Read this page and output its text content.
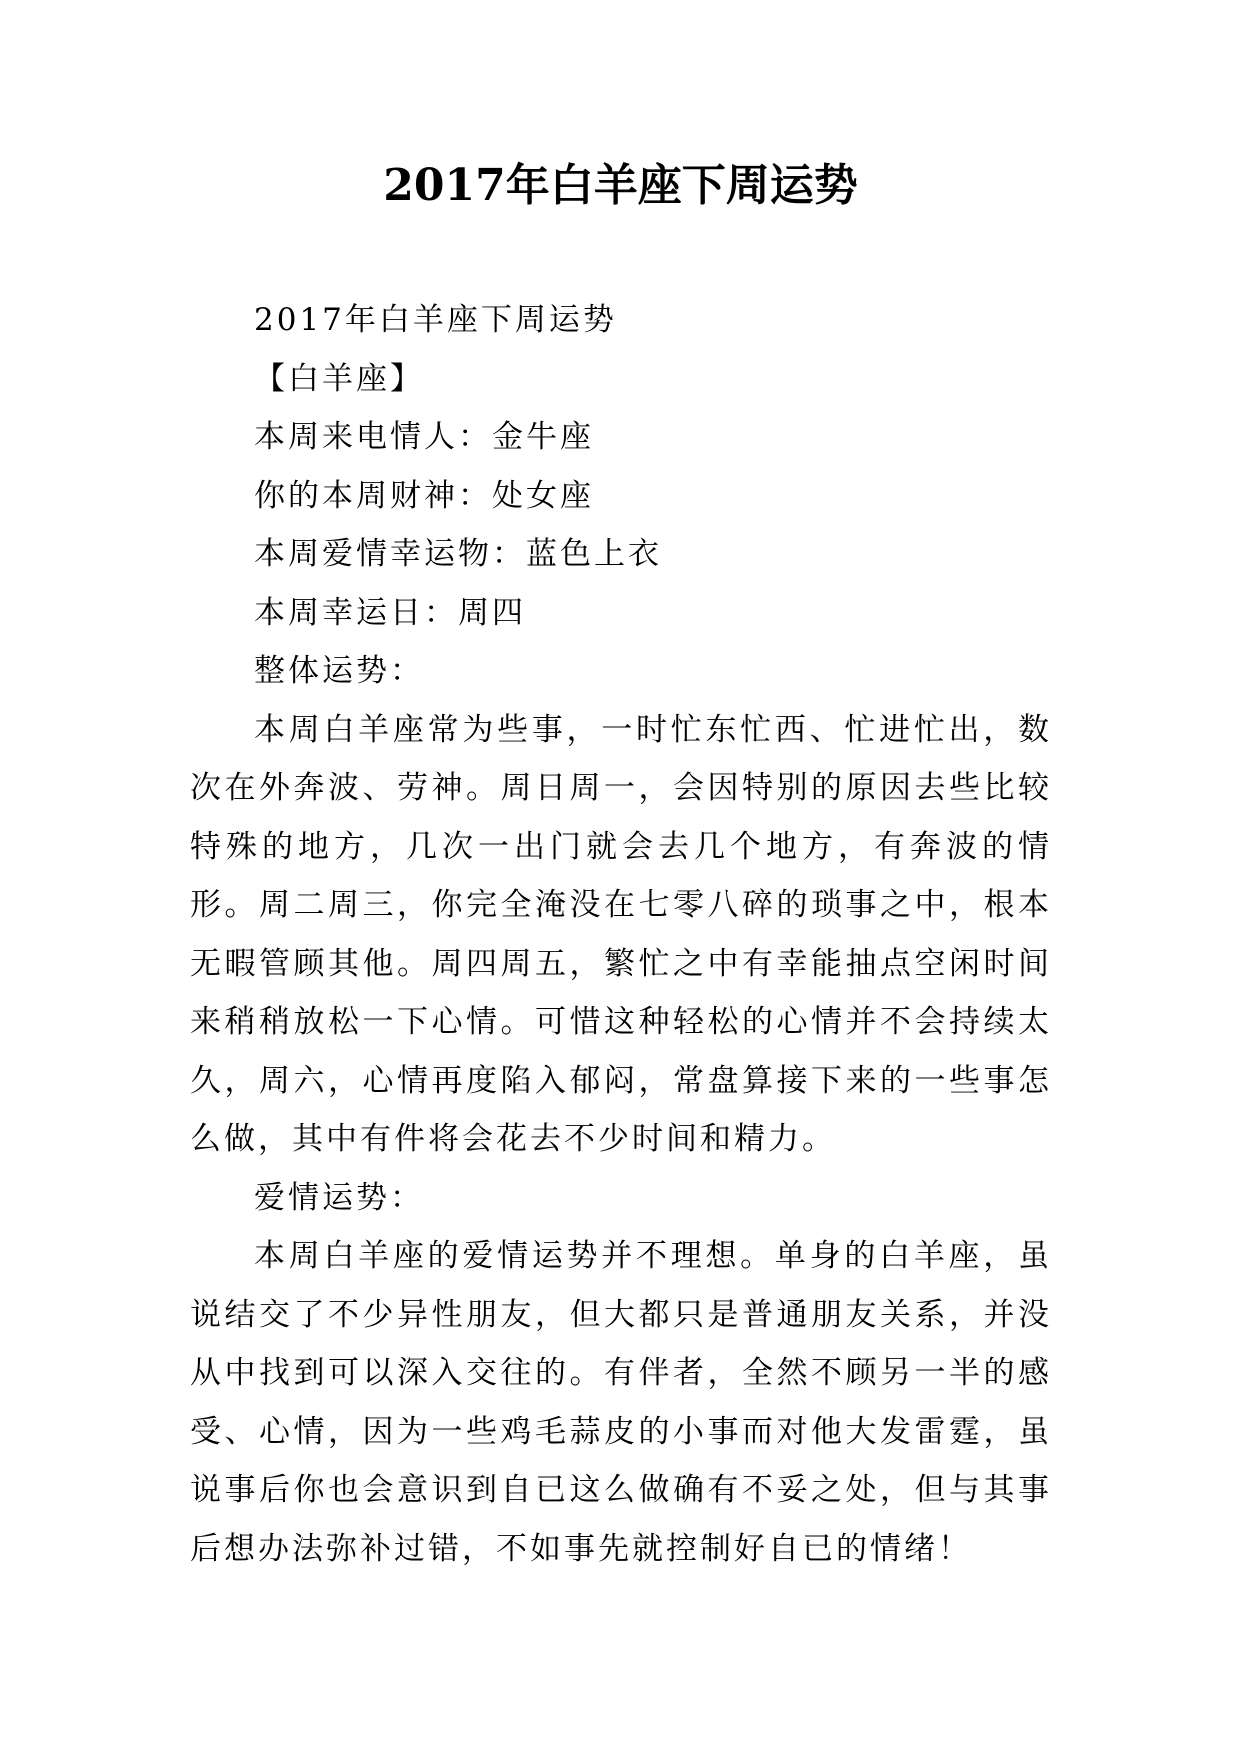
2017年白羊座下周运势

2017年白羊座下周运势

【白羊座】

本周来电情人：金牛座

你的本周财神：处女座

本周爱情幸运物：蓝色上衣

本周幸运日：周四

整体运势：

本周白羊座常为些事，一时忙东忙西、忙进忙出，数次在外奔波、劳神。周日周一，会因特别的原因去些比较特殊的地方，几次一出门就会去几个地方，有奔波的情形。周二周三，你完全淹没在七零八碎的琐事之中，根本无暇管顾其他。周四周五，繁忙之中有幸能抽点空闲时间来稍稍放松一下心情。可惜这种轻松的心情并不会持续太久，周六，心情再度陷入郁闷，常盘算接下来的一些事怎么做，其中有件将会花去不少时间和精力。

爱情运势：

本周白羊座的爱情运势并不理想。单身的白羊座，虽说结交了不少异性朋友，但大都只是普通朋友关系，并没从中找到可以深入交往的。有伴者，全然不顾另一半的感受、心情，因为一些鸡毛蒜皮的小事而对他大发雷霆，虽说事后你也会意识到自已这么做确有不妥之处，但与其事后想办法弥补过错，不如事先就控制好自已的情绪！
